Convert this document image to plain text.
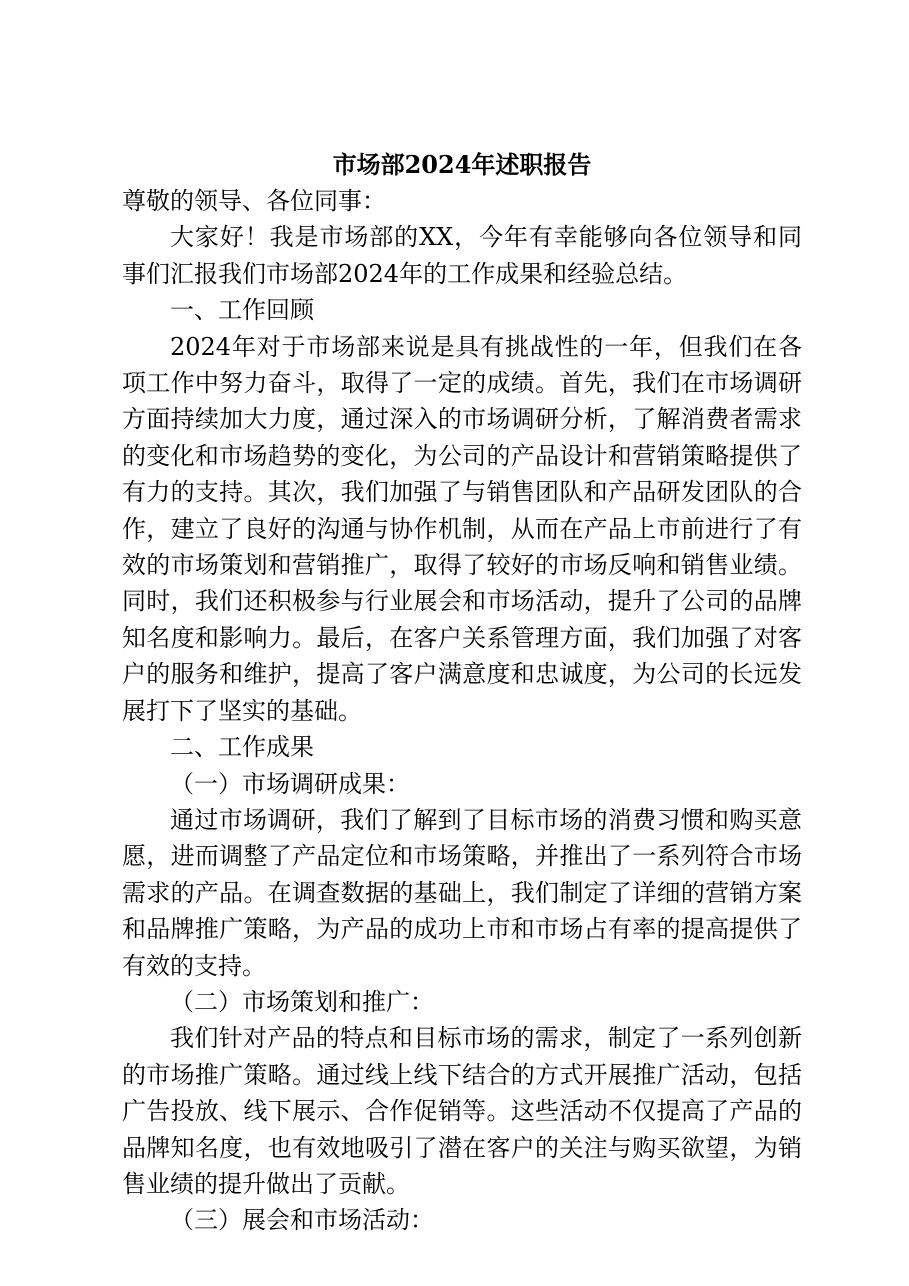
市场部2024年述职报告

尊敬的领导、各位同事：

大家好！我是市场部的XX，今年有幸能够向各位领导和同事们汇报我们市场部2024年的工作成果和经验总结。

一、工作回顾

2024年对于市场部来说是具有挑战性的一年，但我们在各项工作中努力奋斗，取得了一定的成绩。首先，我们在市场调研方面持续加大力度，通过深入的市场调研分析，了解消费者需求的变化和市场趋势的变化，为公司的产品设计和营销策略提供了有力的支持。其次，我们加强了与销售团队和产品研发团队的合作，建立了良好的沟通与协作机制，从而在产品上市前进行了有效的市场策划和营销推广，取得了较好的市场反响和销售业绩。同时，我们还积极参与行业展会和市场活动，提升了公司的品牌知名度和影响力。最后，在客户关系管理方面，我们加强了对客户的服务和维护，提高了客户满意度和忠诚度，为公司的长远发展打下了坚实的基础。

二、工作成果

（一）市场调研成果：

通过市场调研，我们了解到了目标市场的消费习惯和购买意愿，进而调整了产品定位和市场策略，并推出了一系列符合市场需求的产品。在调查数据的基础上，我们制定了详细的营销方案和品牌推广策略，为产品的成功上市和市场占有率的提高提供了有效的支持。

（二）市场策划和推广：

我们针对产品的特点和目标市场的需求，制定了一系列创新的市场推广策略。通过线上线下结合的方式开展推广活动，包括广告投放、线下展示、合作促销等。这些活动不仅提高了产品的品牌知名度，也有效地吸引了潜在客户的关注与购买欲望，为销售业绩的提升做出了贡献。

（三）展会和市场活动：
